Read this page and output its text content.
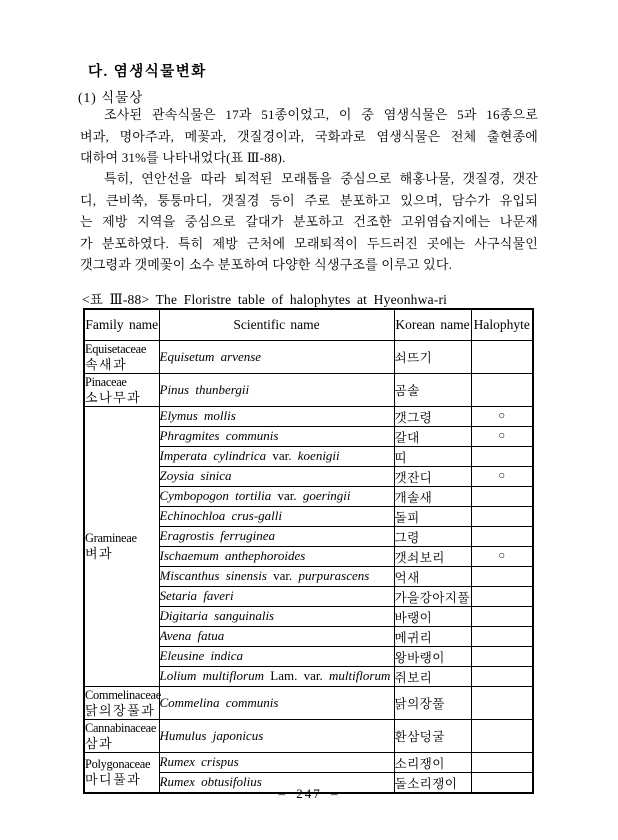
다. 염생식물변화
(1) 식물상
조사된 관속식물은 17과 51종이었고, 이 중 염생식물은 5과 16종으로
벼과, 명아주과, 메꽃과, 갯질경이과, 국화과로 염생식물은 전체 출현종에
대하여 31%를 나타내었다(표 Ⅲ-88).
특히, 연안선을 따라 퇴적된 모래톱을 중심으로 해홍나물, 갯질경, 갯잔
디, 큰비쑥, 퉁퉁마디, 갯질경 등이 주로 분포하고 있으며, 담수가 유입되
는 제방 지역을 중심으로 갈대가 분포하고 건조한 고위염습지에는 나문재
가 분포하였다. 특히 제방 근처에 모래퇴적이 두드러진 곳에는 사구식물인
갯그령과 갯메꽃이 소수 분포하여 다양한 식생구조를 이루고 있다.
<표 Ⅲ-88> The Floristre table of halophytes at Hyeonhwa-ri
Family name	Scientific name	Korean name	Halophyte

Equisetaceae
속새과	Equisetum arvense	쇠뜨기	

Pinaceae
소나무과	Pinus thunbergii	곰솔	

Gramineae
벼과	Elymus mollis	갯그령	○
	Phragmites communis	갈대	○
	Imperata cylindrica var. koenigii	띠	
	Zoysia sinica	갯잔디	○
	Cymbopogon tortilia var. goeringii	개솔새	
	Echinochloa crus-galli	돌피	
	Eragrostis ferruginea	그령	
	Ischaemum anthephoroides	갯쇠보리	○
	Miscanthus sinensis var. purpurascens	억새	
	Setaria faveri	가을강아지풀	
	Digitaria sanguinalis	바랭이	
	Avena fatua	메귀리	
	Eleusine indica	왕바랭이	
	Lolium multiflorum Lam. var. multiflorum	쥐보리	

Commelinaceae
닭의장풀과	Commelina communis	닭의장풀	

Cannabinaceae
삼과	Humulus japonicus	환삼덩굴	

Polygonaceae
마디풀과	Rumex crispus	소리쟁이	
	Rumex obtusifolius	돌소리쟁이	
– 247 –
